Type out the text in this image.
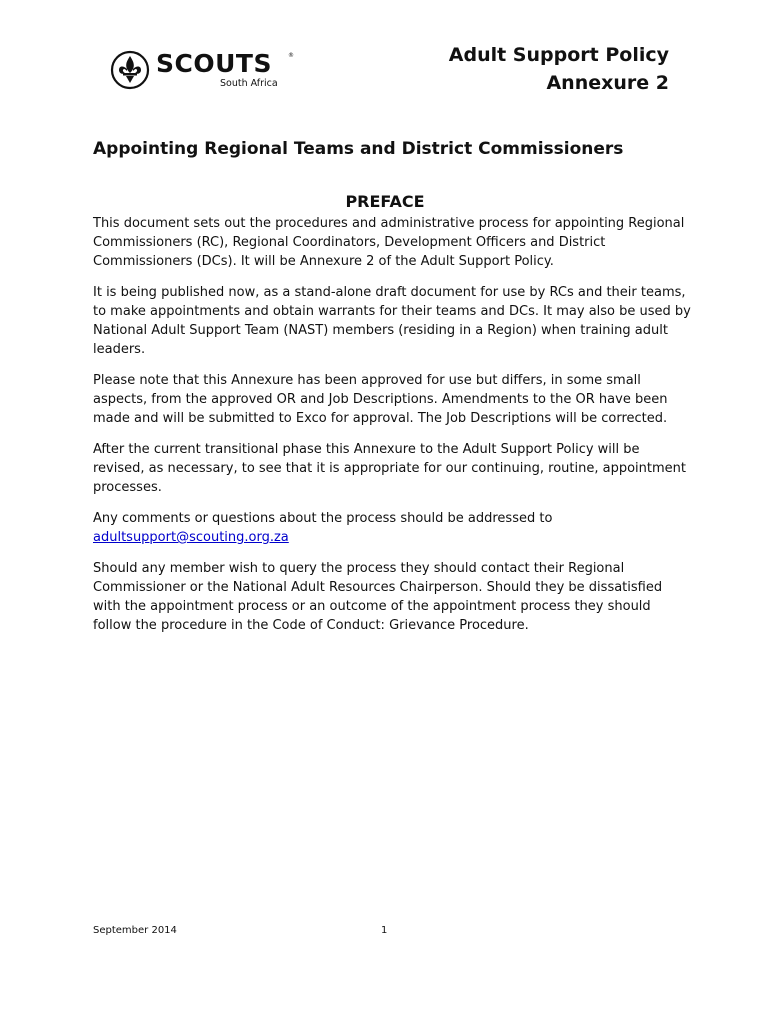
SCOUTS	®
South Africa
Adult Support Policy
Annexure 2
Appointing Regional Teams and District Commissioners
PREFACE

This document sets out the procedures and administrative process for appointing Regional Commissioners (RC), Regional Coordinators, Development Officers and District Commissioners (DCs). It will be Annexure 2 of the Adult Support Policy.

It is being published now, as a stand-alone draft document for use by RCs and their teams, to make appointments and obtain warrants for their teams and DCs. It may also be used by National Adult Support Team (NAST) members (residing in a Region) when training adult leaders.

Please note that this Annexure has been approved for use but differs, in some small aspects, from the approved OR and Job Descriptions. Amendments to the OR have been made and will be submitted to Exco for approval. The Job Descriptions will be corrected.

After the current transitional phase this Annexure to the Adult Support Policy will be revised, as necessary, to see that it is appropriate for our continuing, routine, appointment processes.

Any comments or questions about the process should be addressed to
adultsupport@scouting.org.za

Should any member wish to query the process they should contact their Regional Commissioner or the National Adult Resources Chairperson. Should they be dissatisfied with the appointment process or an outcome of the appointment process they should follow the procedure in the Code of Conduct: Grievance Procedure.

September 2014	1
